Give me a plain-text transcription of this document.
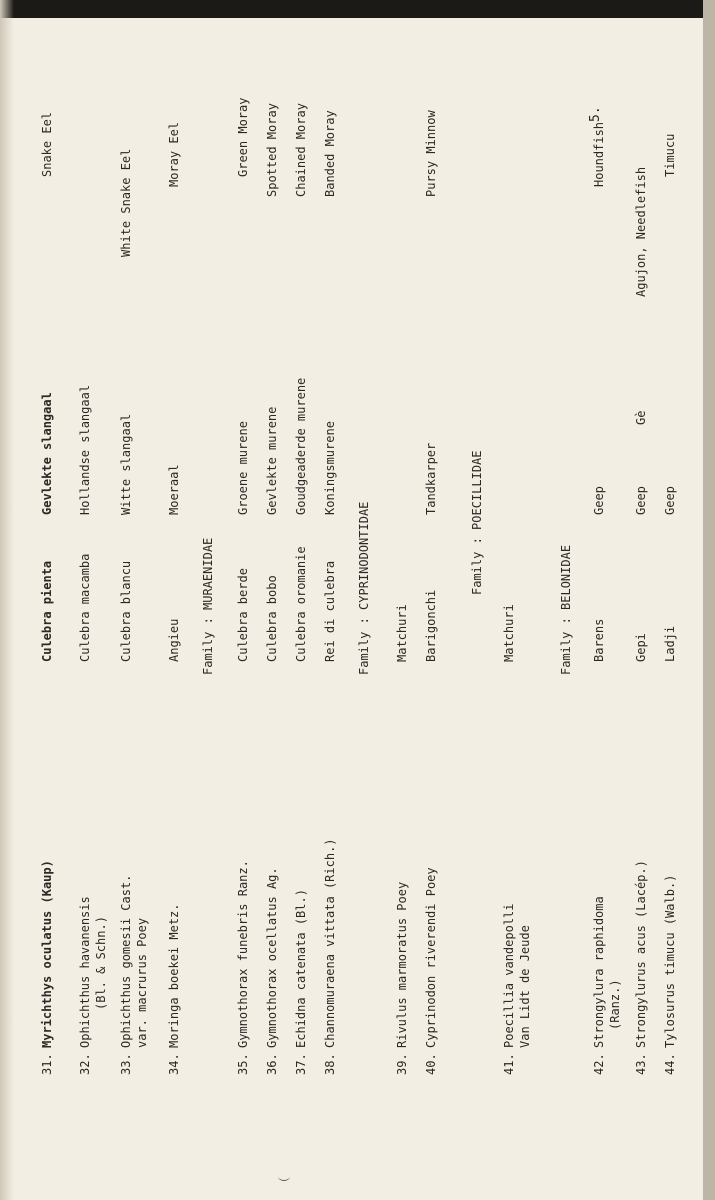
5.
31.
Myrichthys oculatus (Kaup)
Culebra pienta
Gevlekte slangaal
Snake Eel
32.
Ophichthus havanensis (Bl. & Schn.)
Culebra macamba
Hollandse slangaal
33.
Ophichthus gomesii Cast. var. macrurus Poey
Culebra blancu
Witte slangaal
White Snake Eel
34.
Moringa boekei Metz.
Angieu
Moeraal
Moray Eel
Family : MURAENIDAE
35.
Gymnothorax funebris Ranz.
Culebra berde
Groene murene
Green Moray
36.
Gymnothorax ocellatus Ag.
Culebra bobo
Gevlekte murene
Spotted Moray
37.
Echidna catenata (Bl.)
Culebra oromanie
Goudgeaderde murene
Chained Moray
38.
Channomuraena vittata (Rich.)
Rei di culebra
Koningsmurene
Banded Moray
Family : CYPRINODONTIDAE
39.
Rivulus marmoratus Poey
Matchuri
40.
Cyprinodon riverendi Poey
Barigonchi
Tandkarper
Pursy Minnow
Family : POECILLIDAE
41.
Poecillia vandepolli Van Lidt de Jeude
Matchuri	Family : BELONIDAE
42.
Strongylura raphidoma (Ranz.)
Barens
Geep
Houndfish
43.
Strongylurus acus (Lacép.)
Gepi
Geep
Gè
Agujon, Needlefish
44.
Tylosurus timucu (Walb.)
Ladji
Geep
Timucu
